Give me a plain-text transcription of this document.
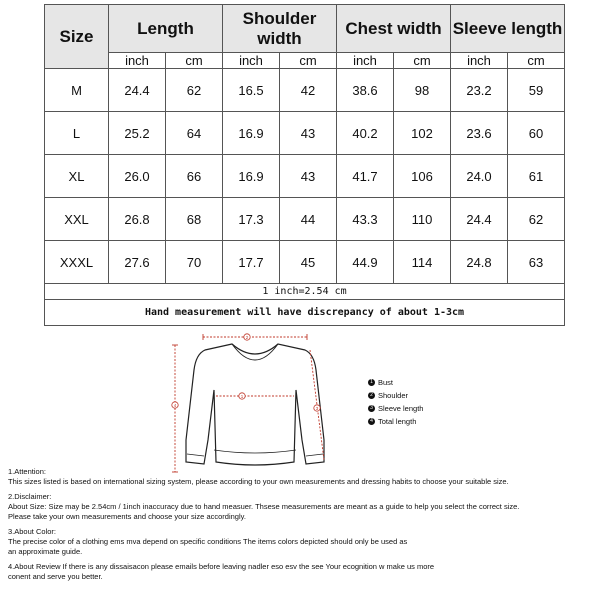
Size	Length		Shoulder width		Chest width		Sleeve length	
	inch	cm	inch	cm	inch	cm	inch	cm
M	24.4	62	16.5	42	38.6	98	23.2	59
L	25.2	64	16.9	43	40.2	102	23.6	60
XL	26.0	66	16.9	43	41.7	106	24.0	61
XXL	26.8	68	17.3	44	43.3	110	24.4	62
XXXL	27.6	70	17.7	45	44.9	114	24.8	63
1 inch=2.54 cm								
Hand measurement will have discrepancy of about 1-3cm								
2
1
3
4
1 Bust
2 Shoulder
3 Sleeve length
4 Total length

1.Attention:

This sizes listed is based on international sizing system, please according to your own measurements and dressing habits to choose your suitable size.

2.Disclaimer:

About Size: Size may be 2.54cm / 1inch inaccuracy due to hand measuer. Thsese measurements are meant as a guide to help you select the correct size.

Please take your own measurements and choose your size accordingly.

3.About Color:

The precise color of a clothing ems mva depend on specific conditions The items colors depicted should only be used as

an approximate guide.

4.About Review If there is any dissaisacon please emails before leaving nadler eso esv the see Your ecognition w make us more

conent and serve you better.
